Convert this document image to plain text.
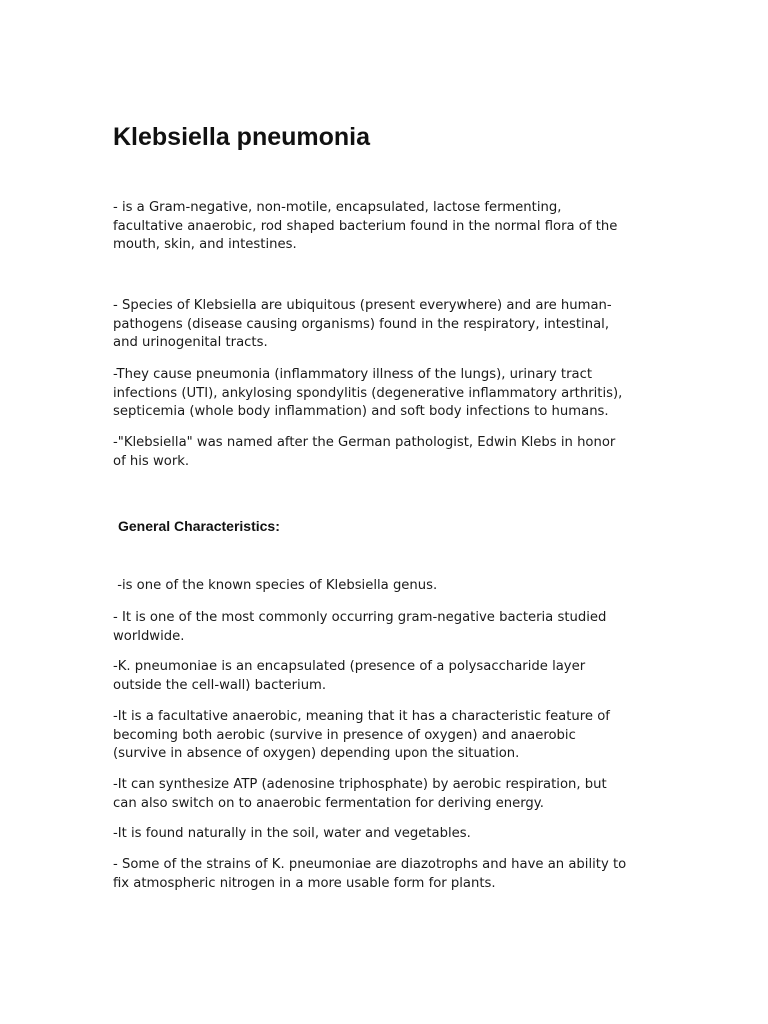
Klebsiella pneumonia

- is a Gram-negative, non-motile, encapsulated, lactose fermenting,
facultative anaerobic, rod shaped bacterium found in the normal flora of the
mouth, skin, and intestines.

- Species of Klebsiella are ubiquitous (present everywhere) and are human-
pathogens (disease causing organisms) found in the respiratory, intestinal,
and urinogenital tracts.

-They cause pneumonia (inflammatory illness of the lungs), urinary tract
infections (UTI), ankylosing spondylitis (degenerative inflammatory arthritis),
septicemia (whole body inflammation) and soft body infections to humans.

-"Klebsiella" was named after the German pathologist, Edwin Klebs in honor
of his work.

General Characteristics:

-is one of the known species of Klebsiella genus.

- It is one of the most commonly occurring gram-negative bacteria studied
worldwide.

-K. pneumoniae is an encapsulated (presence of a polysaccharide layer
outside the cell-wall) bacterium.

-It is a facultative anaerobic, meaning that it has a characteristic feature of
becoming both aerobic (survive in presence of oxygen) and anaerobic
(survive in absence of oxygen) depending upon the situation.

-It can synthesize ATP (adenosine triphosphate) by aerobic respiration, but
can also switch on to anaerobic fermentation for deriving energy.

-It is found naturally in the soil, water and vegetables.

- Some of the strains of K. pneumoniae are diazotrophs and have an ability to
fix atmospheric nitrogen in a more usable form for plants.
